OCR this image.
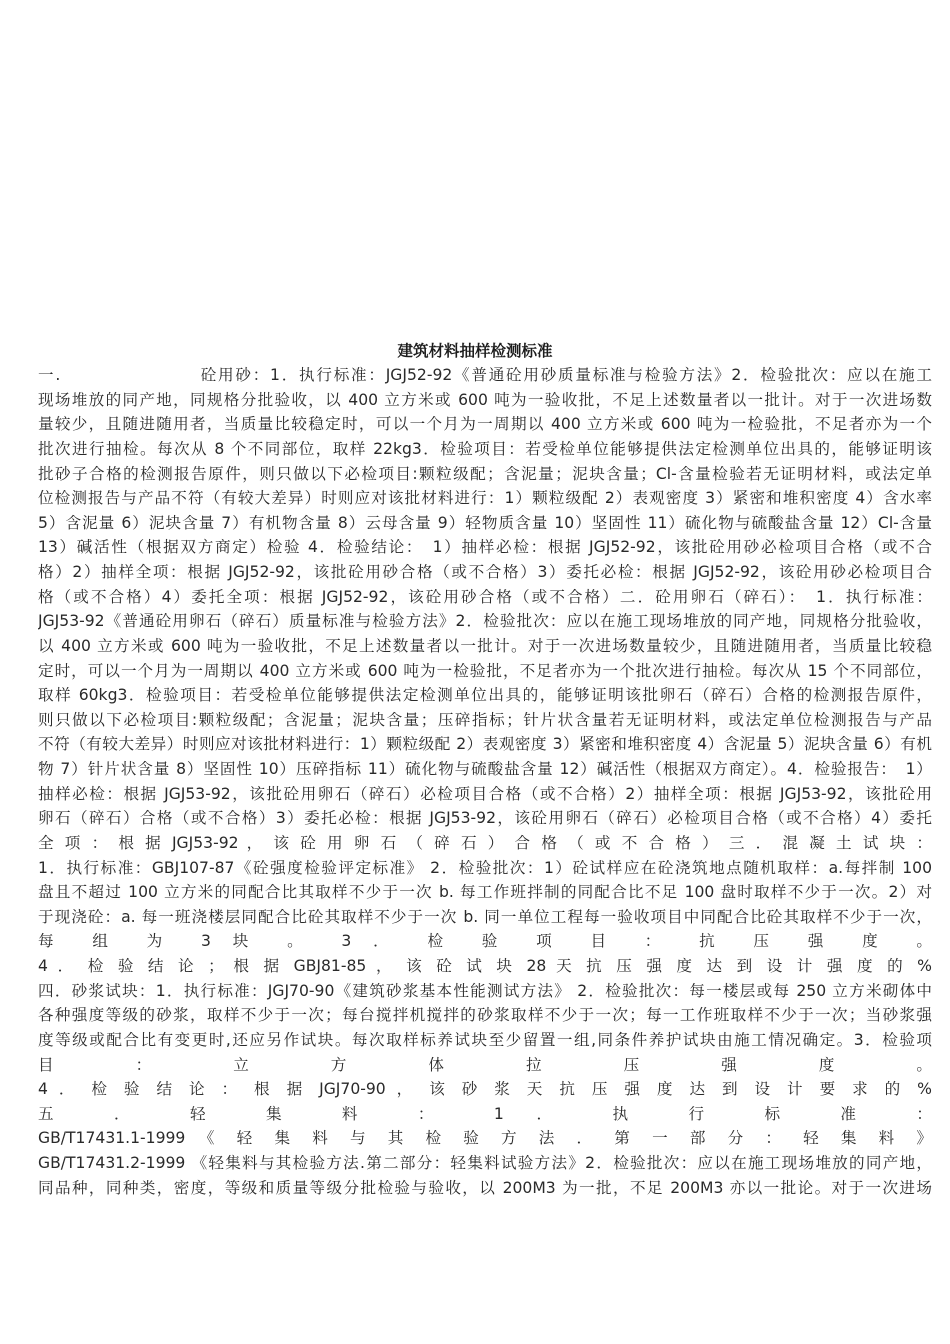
建筑材料抽样检测标准
一.　　　　　　　　砼用砂：1．执行标准：JGJ52-92《普通砼用砂质量标准与检验方法》2．检验批次：应以在施工
现场堆放的同产地，同规格分批验收，以 400 立方米或 600 吨为一验收批，不足上述数量者以一批计。对于一次进场数
量较少，且随进随用者，当质量比较稳定时，可以一个月为一周期以 400 立方米或 600 吨为一检验批，不足者亦为一个
批次进行抽检。每次从 8 个不同部位，取样 22kg3．检验项目：若受检单位能够提供法定检测单位出具的，能够证明该
批砂子合格的检测报告原件，则只做以下必检项目:颗粒级配；含泥量；泥块含量；Cl-含量检验若无证明材料，或法定单
位检测报告与产品不符（有较大差异）时则应对该批材料进行：1）颗粒级配 2）表观密度 3）紧密和堆积密度 4）含水率
5）含泥量 6）泥块含量 7）有机物含量 8）云母含量 9）轻物质含量 10）坚固性 11）硫化物与硫酸盐含量 12）Cl-含量
13）碱活性（根据双方商定）检验 4．检验结论：　1）抽样必检：根据 JGJ52-92，该批砼用砂必检项目合格（或不合
格）2）抽样全项：根据 JGJ52-92，该批砼用砂合格（或不合格）3）委托必检：根据 JGJ52-92，该砼用砂必检项目合
格（或不合格）4）委托全项：根据 JGJ52-92，该砼用砂合格（或不合格）二．砼用卵石（碎石）：　1．执行标准：
JGJ53-92《普通砼用卵石（碎石）质量标准与检验方法》2．检验批次：应以在施工现场堆放的同产地，同规格分批验收，
以 400 立方米或 600 吨为一验收批，不足上述数量者以一批计。对于一次进场数量较少，且随进随用者，当质量比较稳
定时，可以一个月为一周期以 400 立方米或 600 吨为一检验批，不足者亦为一个批次进行抽检。每次从 15 个不同部位，
取样 60kg3．检验项目：若受检单位能够提供法定检测单位出具的，能够证明该批卵石（碎石）合格的检测报告原件，
则只做以下必检项目:颗粒级配；含泥量；泥块含量；压碎指标；针片状含量若无证明材料，或法定单位检测报告与产品
不符（有较大差异）时则应对该批材料进行：1）颗粒级配 2）表观密度 3）紧密和堆积密度 4）含泥量 5）泥块含量 6）有机
物 7）针片状含量 8）坚固性 10）压碎指标 11）硫化物与硫酸盐含量 12）碱活性（根据双方商定）。4．检验报告：　1）
抽样必检：根据 JGJ53-92，该批砼用卵石（碎石）必检项目合格（或不合格）2）抽样全项：根据 JGJ53-92，该批砼用
卵石（碎石）合格（或不合格）3）委托必检：根据 JGJ53-92，该砼用卵石（碎石）必检项目合格（或不合格）4）委托
全 项 ： 根 据 JGJ53-92 ， 该 砼 用 卵 石 （ 碎 石 ） 合 格 （ 或 不 合 格 ） 三 ． 混 凝 土 试 块 ：
1．执行标准：GBJ107-87《砼强度检验评定标准》 2．检验批次：1）砼试样应在砼浇筑地点随机取样：a.每拌制 100
盘且不超过 100 立方米的同配合比其取样不少于一次 b. 每工作班拌制的同配合比不足 100 盘时取样不少于一次。2）对
于现浇砼：a. 每一班浇楼层同配合比砼其取样不少于一次 b. 同一单位工程每一验收项目中同配合比砼其取样不少于一次，
每 组 为 3 块 。 3 ． 检 验 项 目 ： 抗 压 强 度 。
4 ． 检 验 结 论 ； 根 据 GBJ81-85 ， 该 砼 试 块 28 天 抗 压 强 度 达 到 设 计 强 度 的 %
四．砂浆试块：1．执行标准：JGJ70-90《建筑砂浆基本性能测试方法》 2．检验批次：每一楼层或每 250 立方米砌体中
各种强度等级的砂浆，取样不少于一次；每台搅拌机搅拌的砂浆取样不少于一次；每一工作班取样不少于一次；当砂浆强
度等级或配合比有变更时,还应另作试块。每次取样标养试块至少留置一组,同条件养护试块由施工情况确定。3．检验项
目 ： 立 方 体 拉 压 强 度 。
4 ． 检 验 结 论 ： 根 据 JGJ70-90 ， 该 砂 浆 天 抗 压 强 度 达 到 设 计 要 求 的 %
五 ． 轻 集 料 ： 1 ． 执 行 标 准 ：
GB/T17431.1-1999 《 轻 集 料 与 其 检 验 方 法 ． 第 一 部 分 ： 轻 集 料 》
GB/T17431.2-1999 《轻集料与其检验方法.第二部分：轻集料试验方法》2．检验批次：应以在施工现场堆放的同产地，
同品种，同种类，密度，等级和质量等级分批检验与验收，以 200M3 为一批，不足 200M3 亦以一批论。对于一次进场
